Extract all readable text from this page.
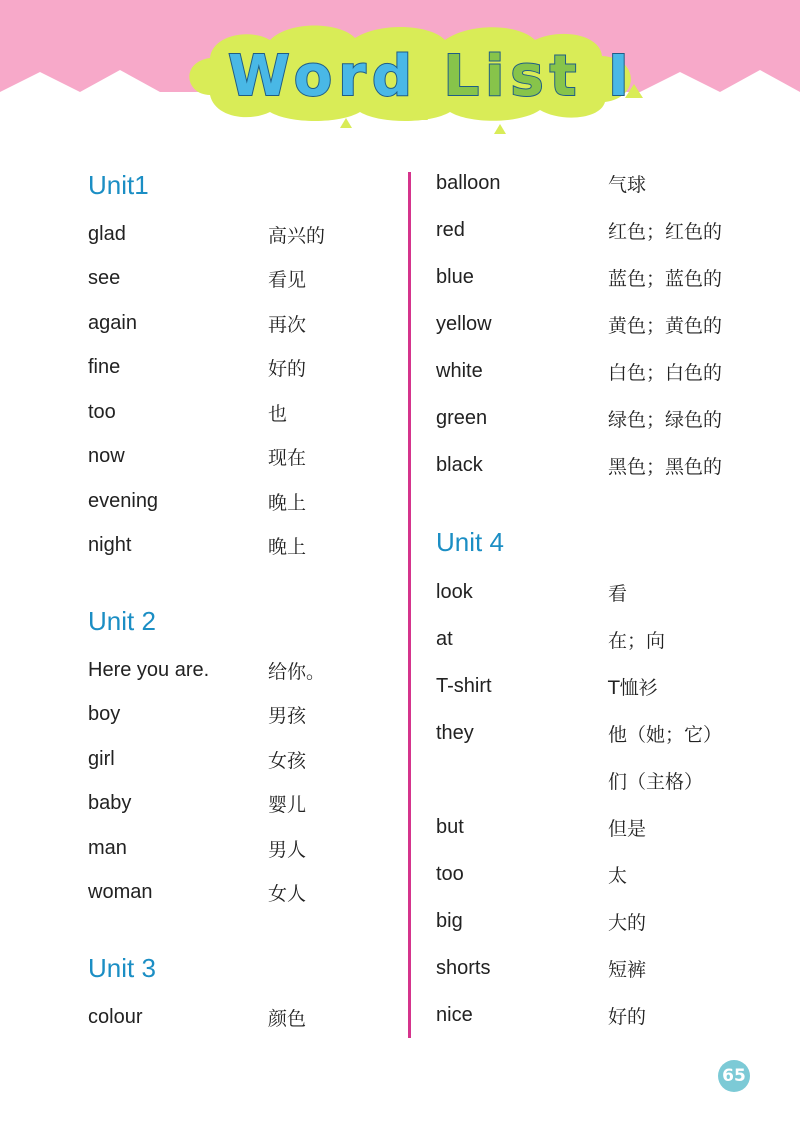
Word List I
Unit1
glad	高兴的
see	看见
again	再次
fine	好的
too	也
now	现在
evening	晚上
night	晚上
Unit 2
Here you are.	给你。
boy	男孩
girl	女孩
baby	婴儿
man	男人
woman	女人
Unit 3
colour	颜色
balloon	气球
red	红色；红色的
blue	蓝色；蓝色的
yellow	黄色；黄色的
white	白色；白色的
green	绿色；绿色的
black	黑色；黑色的
Unit 4
look	看
at	在；向
T-shirt	T恤衫
they	他（她；它）
们（主格）
but	但是
too	太
big	大的
shorts	短裤
nice	好的
65
